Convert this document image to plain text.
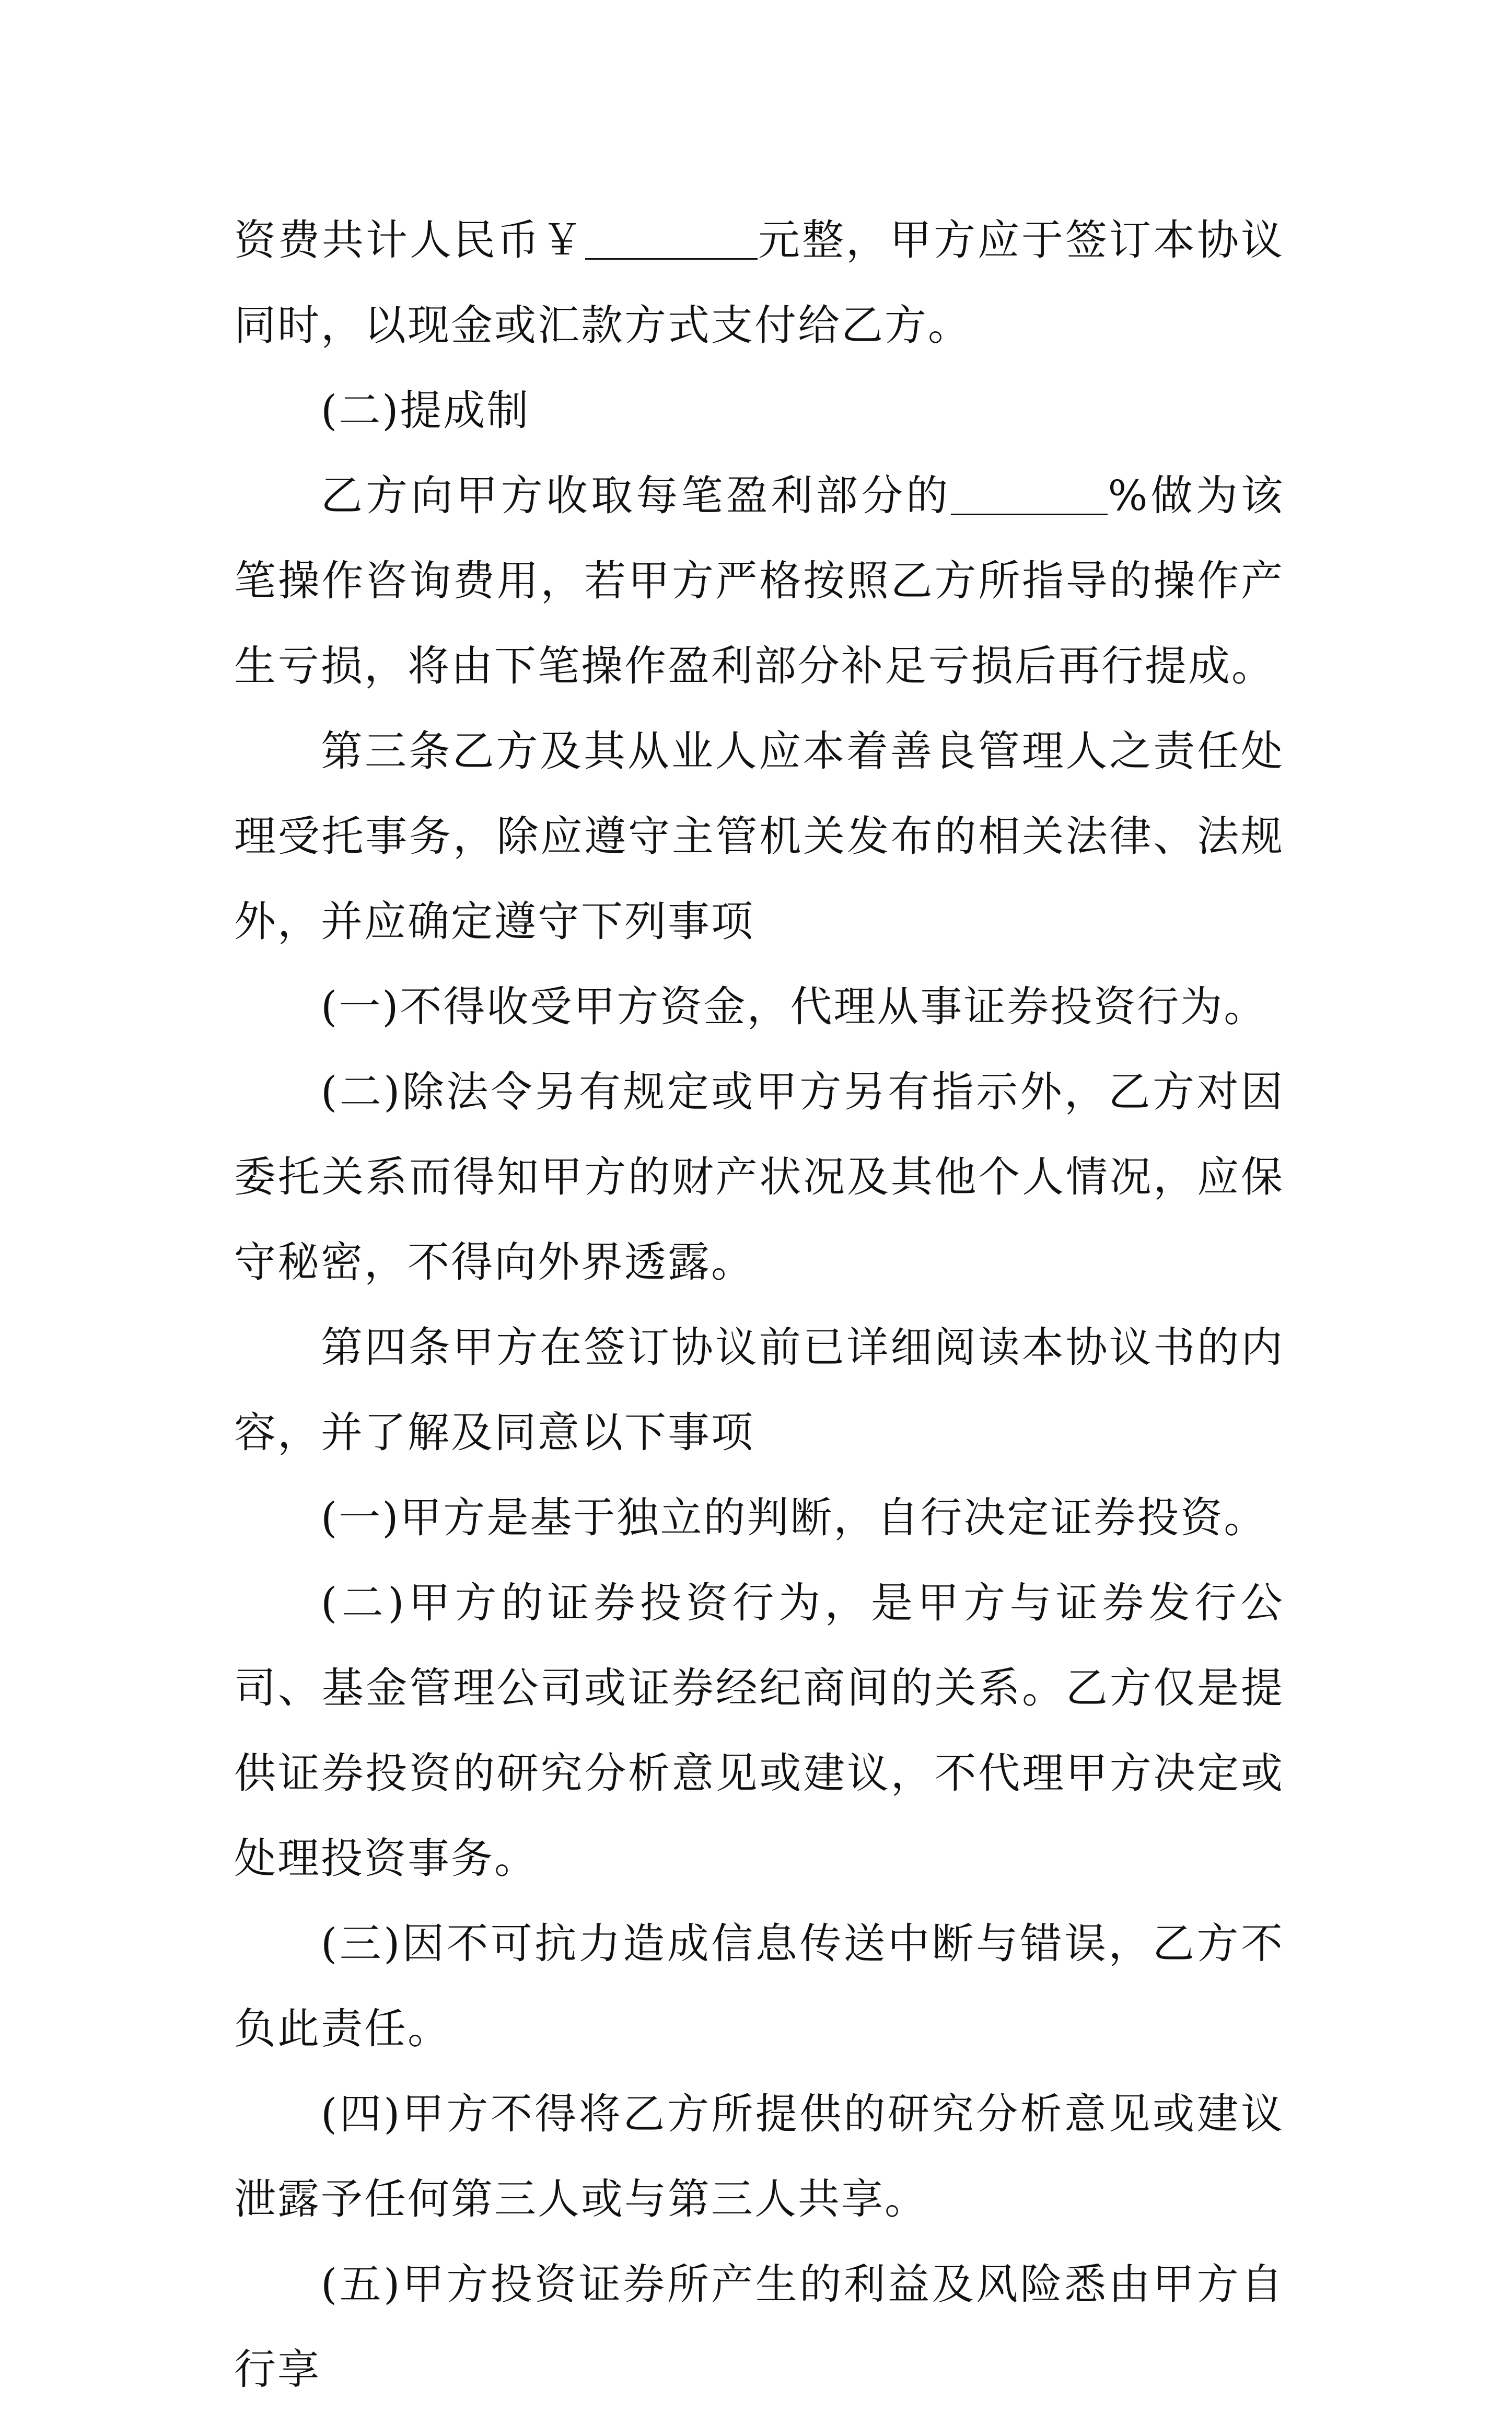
资费共计人民币￥	元整，甲方应于签订本协议同时，以现金或汇款方式支付给乙方。

(二)提成制

乙方向甲方收取每笔盈利部分的	%做为该笔操作咨询费用，若甲方严格按照乙方所指导的操作产生亏损，将由下笔操作盈利部分补足亏损后再行提成。

第三条乙方及其从业人应本着善良管理人之责任处理受托事务，除应遵守主管机关发布的相关法律、法规外，并应确定遵守下列事项

(一)不得收受甲方资金，代理从事证券投资行为。

(二)除法令另有规定或甲方另有指示外，乙方对因委托关系而得知甲方的财产状况及其他个人情况，应保守秘密，不得向外界透露。

第四条甲方在签订协议前已详细阅读本协议书的内容，并了解及同意以下事项

(一)甲方是基于独立的判断，自行决定证券投资。

(二)甲方的证券投资行为，是甲方与证券发行公司、基金管理公司或证券经纪商间的关系。乙方仅是提供证券投资的研究分析意见或建议，不代理甲方决定或处理投资事务。

(三)因不可抗力造成信息传送中断与错误，乙方不负此责任。

(四)甲方不得将乙方所提供的研究分析意见或建议泄露予任何第三人或与第三人共享。

(五)甲方投资证券所产生的利益及风险悉由甲方自行享
